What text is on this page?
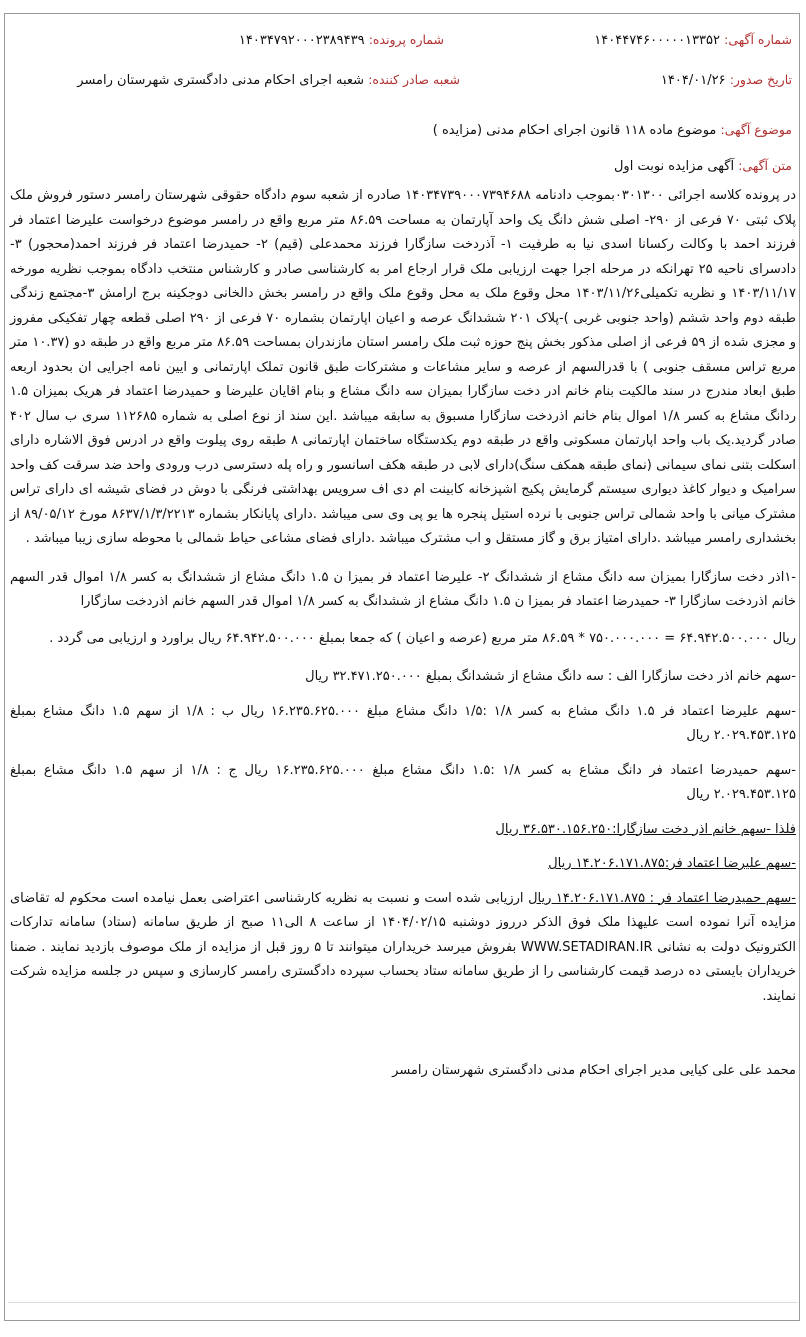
شماره آگهی: ۱۴۰۴۴۷۴۶۰۰۰۰۰۱۳۳۵۲
شماره پرونده: ۱۴۰۳۴۷۹۲۰۰۰۲۳۸۹۴۳۹
تاریخ صدور: ۱۴۰۴/۰۱/۲۶
شعبه صادر کننده: شعبه اجرای احکام مدنی دادگستری شهرستان رامسر
موضوع آگهی: موضوع ماده ۱۱۸ قانون اجرای احکام مدنی (مزایده )
متن آگهی: آگهی مزایده نوبت اول

در پرونده کلاسه اجرائی ۰۳۰۱۳۰۰بموجب دادنامه ۱۴۰۳۴۷۳۹۰۰۰۷۳۹۴۶۸۸ صادره از شعبه سوم دادگاه حقوقی شهرستان رامسر دستور فروش ملک پلاک ثبتی ۷۰ فرعی از ۲۹۰- اصلی شش دانگ یک واحد آپارتمان به مساحت ۸۶.۵۹ متر مربع واقع در رامسر موضوع درخواست علیرضا اعتماد فر فرزند احمد با وکالت رکسانا اسدی نیا به طرفیت ۱- آذردخت سازگارا فرزند محمدعلی (قیم) ۲- حمیدرضا اعتماد فر فرزند احمد(محجور) ۳- دادسرای ناحیه ۲۵ تهرانکه در مرحله اجرا جهت ارزیابی ملک قرار ارجاع امر به کارشناسی صادر و کارشناس منتخب دادگاه بموجب نظریه مورخه ۱۴۰۳/۱۱/۱۷ و نظریه تکمیلی۱۴۰۳/۱۱/۲۶ محل وقوع ملک به محل وقوع ملک واقع در رامسر بخش دالخانی دوجکینه برج ارامش ۳-مجتمع زندگی طبقه دوم واحد ششم (واحد جنوبی غربی )-پلاک ۲۰۱ ششدانگ عرصه و اعیان اپارتمان بشماره ۷۰ فرعی از ۲۹۰ اصلی قطعه چهار تفکیکی مفروز و مجزی شده از ۵۹ فرعی از اصلی مذکور بخش پنج حوزه ثبت ملک رامسر استان مازندران بمساحت ۸۶.۵۹ متر مربع واقع در طبقه دو (۱۰.۳۷ متر مربع تراس مسقف جنوبی ) با قدرالسهم از عرصه و سایر مشاعات و مشترکات طبق قانون تملک اپارتمانی و ایین نامه اجرایی ان بحدود اربعه طبق ابعاد مندرج در سند مالکیت بنام خانم ادر دخت سازگارا بمیزان سه دانگ مشاع و بنام اقایان علیرضا و حمیدرضا اعتماد فر هریک بمیزان ۱.۵ ردانگ مشاع به کسر ۱/۸ اموال بنام خانم اذردخت سازگارا مسبوق به سابقه میباشد .این سند از نوع اصلی به شماره ۱۱۲۶۸۵ سری ب سال ۴۰۲ صادر گردید.یک باب واحد اپارتمان مسکونی واقع در طبقه دوم یکدستگاه ساختمان اپارتمانی ۸ طبقه روی پیلوت واقع در ادرس فوق الاشاره دارای اسکلت بتنی نمای سیمانی (نمای طبقه همکف سنگ)دارای لابی در طبقه هکف اسانسور و راه پله دسترسی درب ورودی واحد ضد سرقت کف واحد سرامیک و دیوار کاغذ دیواری سیستم گرمایش پکیج اشپزخانه کابینت ام دی اف سرویس بهداشتی فرنگی با دوش در فضای شیشه ای دارای تراس مشترک میانی با واحد شمالی تراس جنوبی با نرده استیل پنجره ها یو پی وی سی میباشد .دارای پایانکار بشماره ۸۶۳۷/۱/۳/۲۲۱۳ مورخ ۸۹/۰۵/۱۲ از بخشداری رامسر میباشد .دارای امتیاز برق و گاز مستقل و اب مشترک میباشد .دارای فضای مشاعی حیاط شمالی با محوطه سازی زیبا میباشد .

-۱اذر دخت سازگارا بمیزان سه دانگ مشاع از ششدانگ ۲- علیرضا اعتماد فر بمیزا ن ۱.۵ دانگ مشاع از ششدانگ به کسر ۱/۸ اموال قدر السهم خانم اذردخت سازگارا ۳- حمیدرضا اعتماد فر بمیزا ن ۱.۵ دانگ مشاع از ششدانگ به کسر ۱/۸ اموال قدر السهم خانم اذردخت سازگارا

ریال ۶۴.۹۴۲.۵۰۰.۰۰۰ = ۷۵۰.۰۰۰.۰۰۰ * ۸۶.۵۹ متر مربع (عرصه و اعیان ) که جمعا بمبلغ ۶۴.۹۴۲.۵۰۰.۰۰۰ ریال براورد و ارزیابی می گردد .

-سهم خانم اذر دخت سازگارا الف : سه دانگ مشاع از ششدانگ بمبلغ ۳۲.۴۷۱.۲۵۰.۰۰۰ ریال

-سهم علیرضا اعتماد فر ۱.۵ دانگ مشاع به کسر ۱/۸ :۱/۵ دانگ مشاع مبلغ ۱۶.۲۳۵.۶۲۵.۰۰۰ ریال ب : ۱/۸ از سهم ۱.۵ دانگ مشاع بمبلغ ۲.۰۲۹.۴۵۳.۱۲۵ ریال

-سهم حمیدرضا اعتماد فر دانگ مشاع به کسر ۱/۸ :۱.۵ دانگ مشاع مبلغ ۱۶.۲۳۵.۶۲۵.۰۰۰ ریال ج : ۱/۸ از سهم ۱.۵ دانگ مشاع بمبلغ ۲.۰۲۹.۴۵۳.۱۲۵ ریال

فلذا -سهم خانم اذر دخت سازگارا:۳۶.۵۳۰.۱۵۶.۲۵۰ ریال

-سهم علیرضا اعتماد فر:۱۴.۲۰۶.۱۷۱.۸۷۵ ریال

-سهم حمیدرضا اعتماد فر : ۱۴.۲۰۶.۱۷۱.۸۷۵ ریال ارزیابی شده است و نسبت به نظریه کارشناسی اعتراضی بعمل نیامده است محکوم له تقاضای مزایده آنرا نموده است علیهذا ملک فوق الذکر درروز دوشنبه ۱۴۰۴/۰۲/۱۵ از ساعت ۸ الی۱۱ صبح از طریق سامانه (ستاد) سامانه تدارکات الکترونیک دولت به نشانی WWW.SETADIRAN.IR بفروش میرسد خریداران میتوانند تا ۵ روز قبل از مزایده از ملک موصوف بازدید نمایند . ضمنا خریداران بایستی ده درصد قیمت کارشناسی را از طریق سامانه ستاد بحساب سپرده دادگستری رامسر کارسازی و سپس در جلسه مزایده شرکت نمایند.

محمد علی علی کیایی مدیر اجرای احکام مدنی دادگستری شهرستان رامسر
